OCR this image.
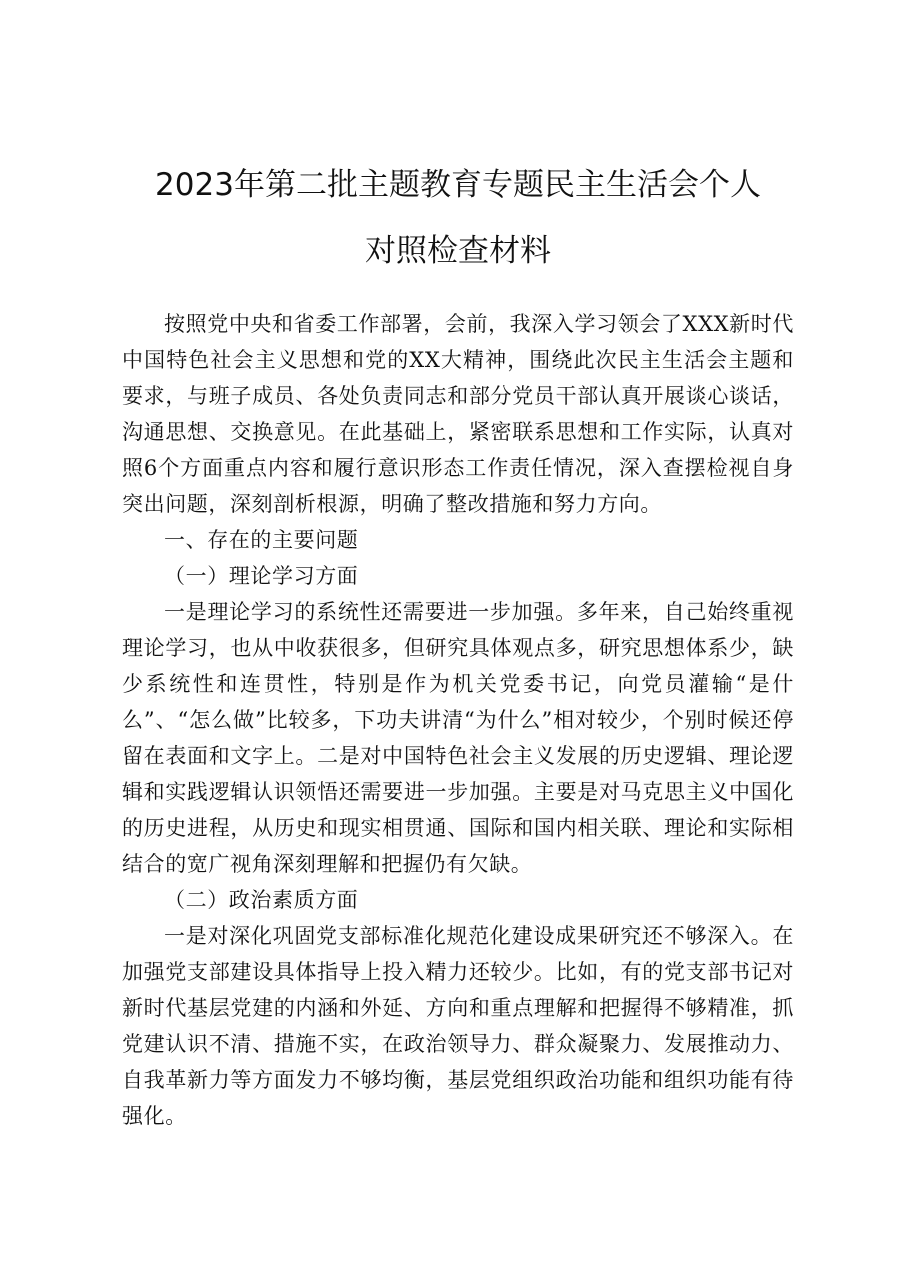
2023年第二批主题教育专题民主生活会个人
对照检查材料

按照党中央和省委工作部署，会前，我深入学习领会了XXX新时代中国特色社会主义思想和党的XX大精神，围绕此次民主生活会主题和要求，与班子成员、各处负责同志和部分党员干部认真开展谈心谈话，沟通思想、交换意见。在此基础上，紧密联系思想和工作实际，认真对照6个方面重点内容和履行意识形态工作责任情况，深入查摆检视自身突出问题，深刻剖析根源，明确了整改措施和努力方向。

一、存在的主要问题

（一）理论学习方面

一是理论学习的系统性还需要进一步加强。多年来，自己始终重视理论学习，也从中收获很多，但研究具体观点多，研究思想体系少，缺少系统性和连贯性，特别是作为机关党委书记，向党员灌输“是什么”、“怎么做”比较多，下功夫讲清“为什么”相对较少，个别时候还停留在表面和文字上。二是对中国特色社会主义发展的历史逻辑、理论逻辑和实践逻辑认识领悟还需要进一步加强。主要是对马克思主义中国化的历史进程，从历史和现实相贯通、国际和国内相关联、理论和实际相结合的宽广视角深刻理解和把握仍有欠缺。

（二）政治素质方面

一是对深化巩固党支部标准化规范化建设成果研究还不够深入。在加强党支部建设具体指导上投入精力还较少。比如，有的党支部书记对新时代基层党建的内涵和外延、方向和重点理解和把握得不够精准，抓党建认识不清、措施不实，在政治领导力、群众凝聚力、发展推动力、自我革新力等方面发力不够均衡，基层党组织政治功能和组织功能有待强化。
